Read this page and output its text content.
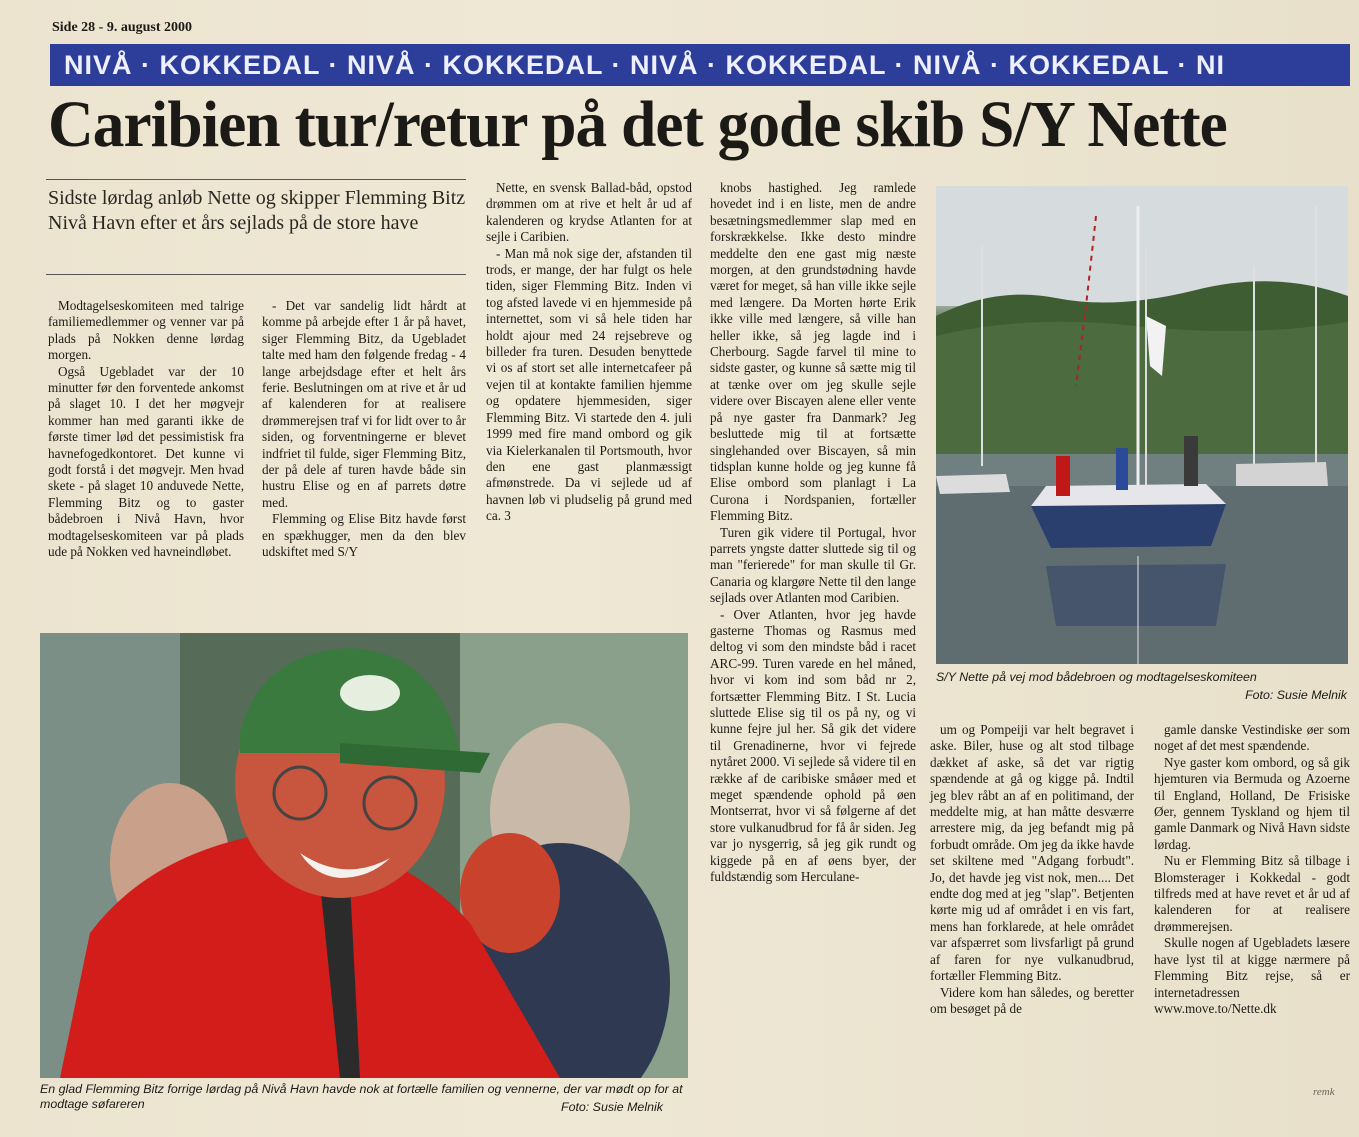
Side 28 - 9. august 2000
NIVÅ · KOKKEDAL · NIVÅ · KOKKEDAL · NIVÅ · KOKKEDAL · NIVÅ · KOKKEDAL · NI
Caribien tur/retur på det gode skib S/Y Nette
Sidste lørdag anløb Nette og skipper Flemming Bitz Nivå Havn efter et års sejlads på de store have

Modtagelseskomiteen med talrige familiemedlemmer og venner var på plads på Nokken denne lørdag morgen.

Også Ugebladet var der 10 minutter før den forventede ankomst på slaget 10. I det her møgvejr kommer han med garanti ikke de første timer lød det pessimistisk fra havnefogedkontoret. Det kunne vi godt forstå i det møgvejr. Men hvad skete - på slaget 10 anduvede Nette, Flemming Bitz og to gaster bådebroen i Nivå Havn, hvor modtagelseskomiteen var på plads ude på Nokken ved havneindløbet.

- Det var sandelig lidt hårdt at komme på arbejde efter 1 år på havet, siger Flemming Bitz, da Ugebladet talte med ham den følgende fredag - 4 lange arbejdsdage efter et helt års ferie. Beslutningen om at rive et år ud af kalenderen for at realisere drømmerejsen traf vi for lidt over to år siden, og forventningerne er blevet indfriet til fulde, siger Flemming Bitz, der på dele af turen havde både sin hustru Elise og en af parrets døtre med.

Flemming og Elise Bitz havde først en spækhugger, men da den blev udskiftet med S/Y

Nette, en svensk Ballad-båd, opstod drømmen om at rive et helt år ud af kalenderen og krydse Atlanten for at sejle i Caribien.

- Man må nok sige der, afstanden til trods, er mange, der har fulgt os hele tiden, siger Flemming Bitz. Inden vi tog afsted lavede vi en hjemmeside på internettet, som vi så hele tiden har holdt ajour med 24 rejsebreve og billeder fra turen. Desuden benyttede vi os af stort set alle internetcafeer på vejen til at kontakte familien hjemme og opdatere hjemmesiden, siger Flemming Bitz. Vi startede den 4. juli 1999 med fire mand ombord og gik via Kielerkanalen til Portsmouth, hvor den ene gast planmæssigt afmønstrede. Da vi sejlede ud af havnen løb vi pludselig på grund med ca. 3

knobs hastighed. Jeg ramlede hovedet ind i en liste, men de andre besætningsmedlemmer slap med en forskrækkelse. Ikke desto mindre meddelte den ene gast mig næste morgen, at den grundstødning havde været for meget, så han ville ikke sejle med længere. Da Morten hørte Erik ikke ville med længere, så ville han heller ikke, så jeg lagde ind i Cherbourg. Sagde farvel til mine to sidste gaster, og kunne så sætte mig til at tænke over om jeg skulle sejle videre over Biscayen alene eller vente på nye gaster fra Danmark? Jeg besluttede mig til at fortsætte singlehanded over Biscayen, så min tidsplan kunne holde og jeg kunne få Elise ombord som planlagt i La Curona i Nordspanien, fortæller Flemming Bitz.

Turen gik videre til Portugal, hvor parrets yngste datter sluttede sig til og man "ferierede" for man skulle til Gr. Canaria og klargøre Nette til den lange sejlads over Atlanten mod Caribien.

- Over Atlanten, hvor jeg havde gasterne Thomas og Rasmus med deltog vi som den mindste båd i racet ARC-99. Turen varede en hel måned, hvor vi kom ind som båd nr 2, fortsætter Flemming Bitz. I St. Lucia sluttede Elise sig til os på ny, og vi kunne fejre jul her. Så gik det videre til Grenadinerne, hvor vi fejrede nytåret 2000. Vi sejlede så videre til en række af de caribiske småøer med et meget spændende ophold på øen Montserrat, hvor vi så følgerne af det store vulkanudbrud for få år siden. Jeg var jo nysgerrig, så jeg gik rundt og kiggede på en af øens byer, der fuldstændig som Herculane-

um og Pompeiji var helt begravet i aske. Biler, huse og alt stod tilbage dækket af aske, så det var rigtig spændende at gå og kigge på. Indtil jeg blev råbt an af en politimand, der meddelte mig, at han måtte desværre arrestere mig, da jeg befandt mig på forbudt område. Om jeg da ikke havde set skiltene med "Adgang forbudt". Jo, det havde jeg vist nok, men.... Det endte dog med at jeg "slap". Betjenten kørte mig ud af området i en vis fart, mens han forklarede, at hele området var afspærret som livsfarligt på grund af faren for nye vulkanudbrud, fortæller Flemming Bitz.

Videre kom han således, og beretter om besøget på de

gamle danske Vestindiske øer som noget af det mest spændende.

Nye gaster kom ombord, og så gik hjemturen via Bermuda og Azoerne til England, Holland, De Frisiske Øer, gennem Tyskland og hjem til gamle Danmark og Nivå Havn sidste lørdag.

Nu er Flemming Bitz så tilbage i Blomsterager i Kokkedal - godt tilfreds med at have revet et år ud af kalenderen for at realisere drømmerejsen.

Skulle nogen af Ugebladets læsere have lyst til at kigge nærmere på Flemming Bitz rejse, så er internetadressen www.move.to/Nette.dk

S/Y Nette på vej mod bådebroen og modtagelseskomiteen
Foto: Susie Melnik
En glad Flemming Bitz forrige lørdag på Nivå Havn havde nok at fortælle familien og vennerne, der var mødt op for at modtage søfareren	Foto: Susie Melnik
remk
